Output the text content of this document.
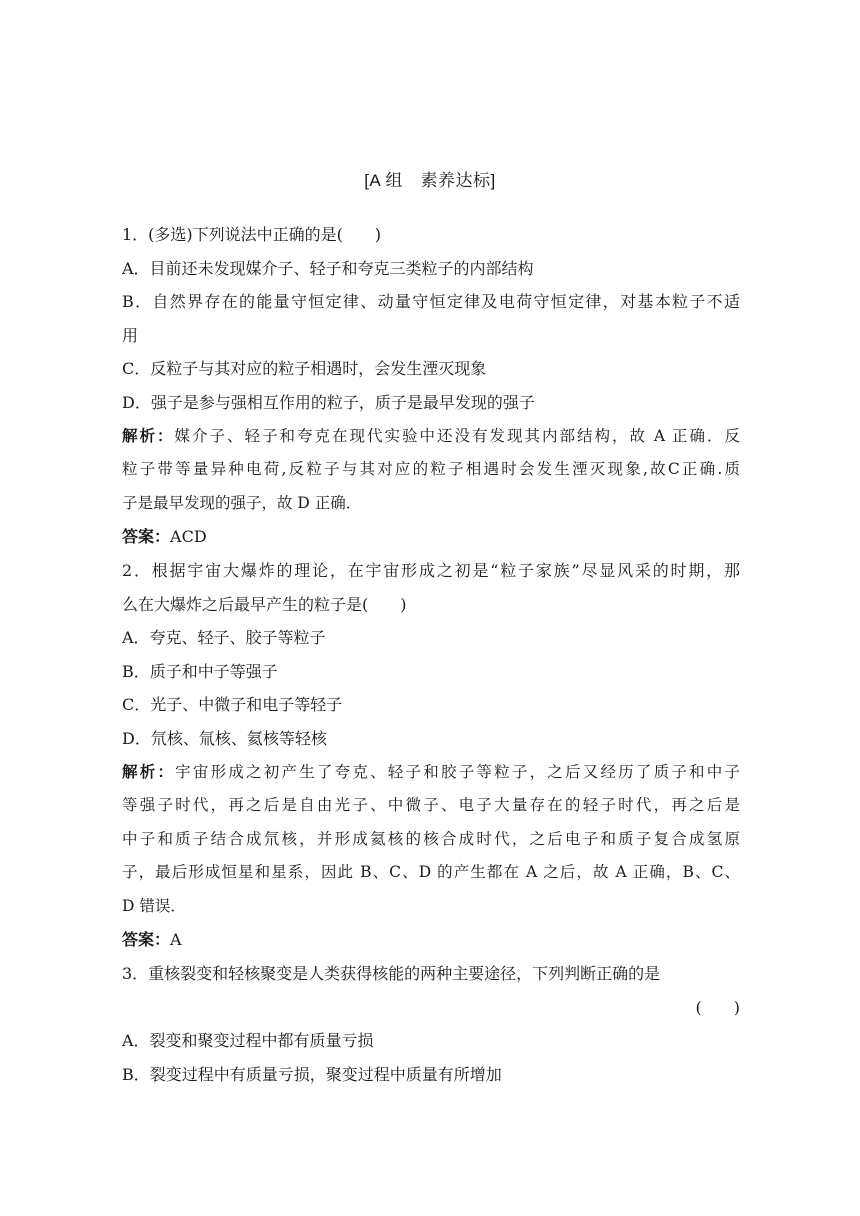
[A 组　素养达标]

1．(多选)下列说法中正确的是(　　)

A．目前还未发现媒介子、轻子和夸克三类粒子的内部结构

B．自然界存在的能量守恒定律、动量守恒定律及电荷守恒定律，对基本粒子不适

用

C．反粒子与其对应的粒子相遇时，会发生湮灭现象

D．强子是参与强相互作用的粒子，质子是最早发现的强子

解析：媒介子、轻子和夸克在现代实验中还没有发现其内部结构，故 A 正确．反

粒子带等量异种电荷,反粒子与其对应的粒子相遇时会发生湮灭现象,故C正确.质

子是最早发现的强子，故 D 正确．

答案：ACD

2．根据宇宙大爆炸的理论，在宇宙形成之初是“粒子家族”尽显风采的时期，那

么在大爆炸之后最早产生的粒子是(　　)

A．夸克、轻子、胶子等粒子

B．质子和中子等强子

C．光子、中微子和电子等轻子

D．氘核、氚核、氦核等轻核

解析：宇宙形成之初产生了夸克、轻子和胶子等粒子，之后又经历了质子和中子

等强子时代，再之后是自由光子、中微子、电子大量存在的轻子时代，再之后是

中子和质子结合成氘核，并形成氦核的核合成时代，之后电子和质子复合成氢原

子，最后形成恒星和星系，因此 B、C、D 的产生都在 A 之后，故 A 正确，B、C、

D 错误．

答案：A

3．重核裂变和轻核聚变是人类获得核能的两种主要途径，下列判断正确的是

(　　)

A．裂变和聚变过程中都有质量亏损

B．裂变过程中有质量亏损，聚变过程中质量有所增加
